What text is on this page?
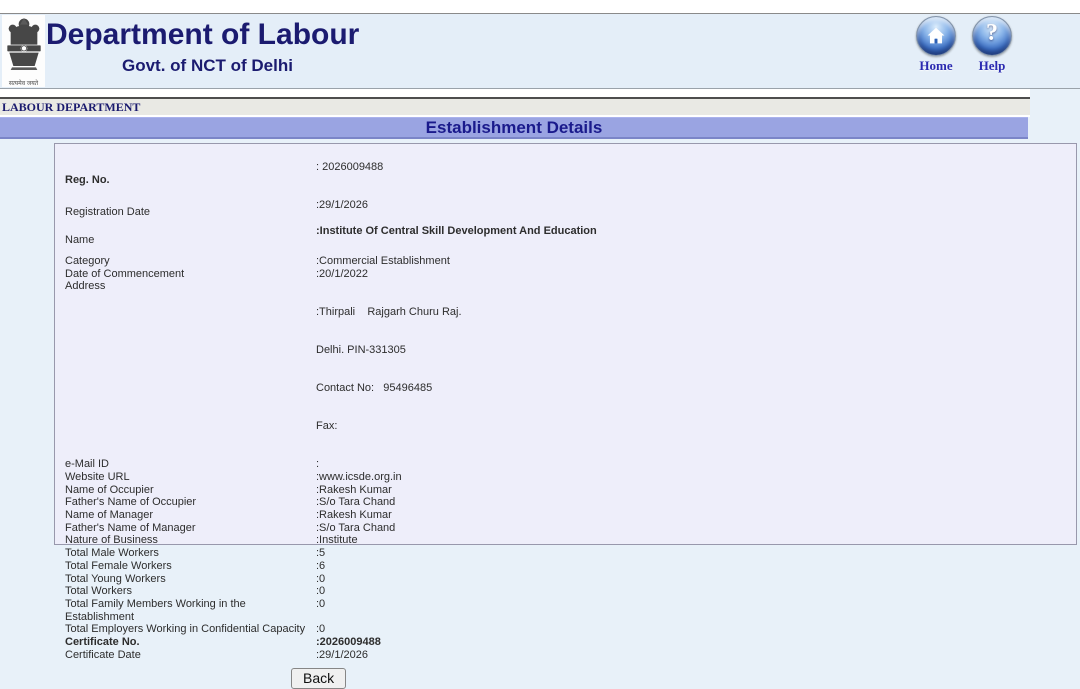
सत्यमेव जयते
Department of Labour
Govt. of NCT of Delhi	Home
?
Help
LABOUR DEPARTMENT
Establishment Details
Reg. No.	: 2026009488
Registration Date	:29/1/2026
Name	:Institute Of Central Skill Development And Education
Category	:Commercial Establishment
Date of Commencement	:20/1/2022
Address	:Thirpali    Rajgarh Churu Raj.

Delhi. PIN-331305

Contact No:   95496485

Fax:

e-Mail ID	:
Website URL	:www.icsde.org.in
Name of Occupier	:Rakesh Kumar
Father's Name of Occupier	:S/o Tara Chand
Name of Manager	:Rakesh Kumar
Father's Name of Manager	:S/o Tara Chand
Nature of Business	:Institute
Total Male Workers	:5
Total Female Workers	:6
Total Young Workers	:0
Total Workers	:0
Total Family Members Working in the Establishment	:0
Total Employers Working in Confidential Capacity	:0
Certificate No.	:2026009488
Certificate Date	:29/1/2026
Back
